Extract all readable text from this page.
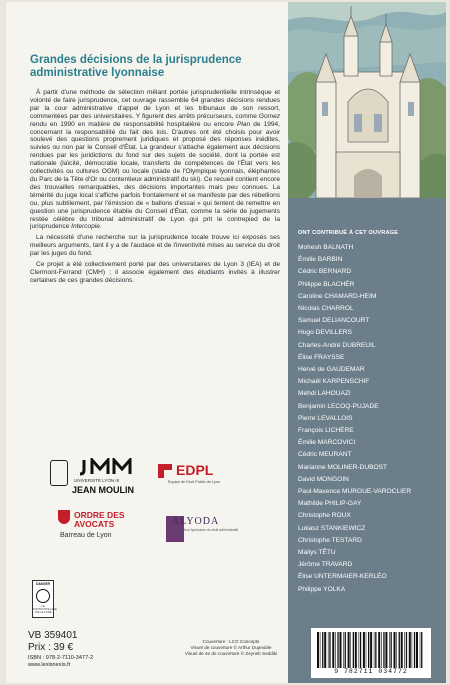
Grandes décisions de la jurisprudence
administrative lyonnaise

À partir d'une méthode de sélection mêlant portée jurisprudentielle intrinsèque et volonté de faire jurisprudence, cet ouvrage rassemble 64 grandes décisions rendues par la cour administrative d'appel de Lyon et les tribunaux de son ressort, commentées par des universitaires. Y figurent des arrêts précurseurs, comme Gomez rendu en 1990 en matière de responsabilité hospitalière ou encore Plan de 1994, concernant la responsabilité du fait des lois. D'autres ont été choisis pour avoir soulevé des questions proprement juridiques et proposé des réponses inédites, suivies ou non par le Conseil d'État. La grandeur s'attache également aux décisions rendues par les juridictions du fond sur des sujets de société, dont la portée est nationale (laïcité, démocratie locale, transferts de compétences de l'État vers les collectivités ou cultures OGM) ou locale (stade de l'Olympique lyonnais, éléphantes du Parc de la Tête d'Or ou contentieux administratif du ski). Ce recueil contient encore des trouvailles remarquables, des décisions importantes mais peu connues. La témérité du juge local s'affiche parfois frontalement et se manifeste par des rébellions ou, plus subtilement, par l'émission de « ballons d'essai » qui tentent de remettre en question une jurisprudence établie du Conseil d'État, comme la série de jugements restée célèbre du tribunal administratif de Lyon qui prit le contrepied de la jurisprudence Intercopie.

La nécessité d'une recherche sur la jurisprudence locale trouve ici exposés ses meilleurs arguments, tant il y a de l'audace et de l'inventivité mises au service du droit par les juges du fond.

Ce projet a été collectivement porté par des universitaires de Lyon 3 (IEA) et de Clermont-Ferrand (CMH) ; il associe également des étudiants invités à illustrer certaines de ces grandes décisions.

UNIVERSITÉ LYON III
JEAN MOULIN
EDPL
Équipe de Droit Public de Lyon
ORDRE DES
AVOCATS
Barreau de Lyon
ALYODA
Association lyonnaise du droit administratif
DANGER
LE PHOTOCOPILLAGE TUE LE LIVRE
VB 359401
Prix : 39 €
ISBN : 978-2-7110-3477-2
www.lexisnexis.fr
Couverture : LCG Concepts
Visuel de couverture © Arthur Dupeuble
Visuel de 4e de couverture © Zeyneb Seddiki
ONT CONTRIBUÉ À CET OUVRAGE
Mohesh BALNATH
Émilie BARBIN
Cédric BERNARD
Philippe BLACHÈR
Caroline CHAMARD-HEIM
Nicolas CHARROL
Samuel DELIANCOURT
Hugo DEVILLERS
Charles-André DUBREUIL
Élise FRAYSSE
Hervé de GAUDEMAR
Michaël KARPENSCHIF
Mehdi LAHOUAZI
Benjamin LECOQ-PUJADE
Pierre LEVALLOIS
François LICHÈRE
Émilie MARCOVICI
Cédric MEURANT
Marianne MOLINER-DUBOST
David MONGOIN
Paul-Maxence MURGUE-VAROCLIER
Mathilde PHILIP-GAY
Christophe ROUX
Lukasz STANKIEWICZ
Christophe TESTARD
Mailys TÊTU
Jérôme TRAVARD
Élise UNTERMAIER-KERLÉO
Philippe YOLKA
9 782711 034772
